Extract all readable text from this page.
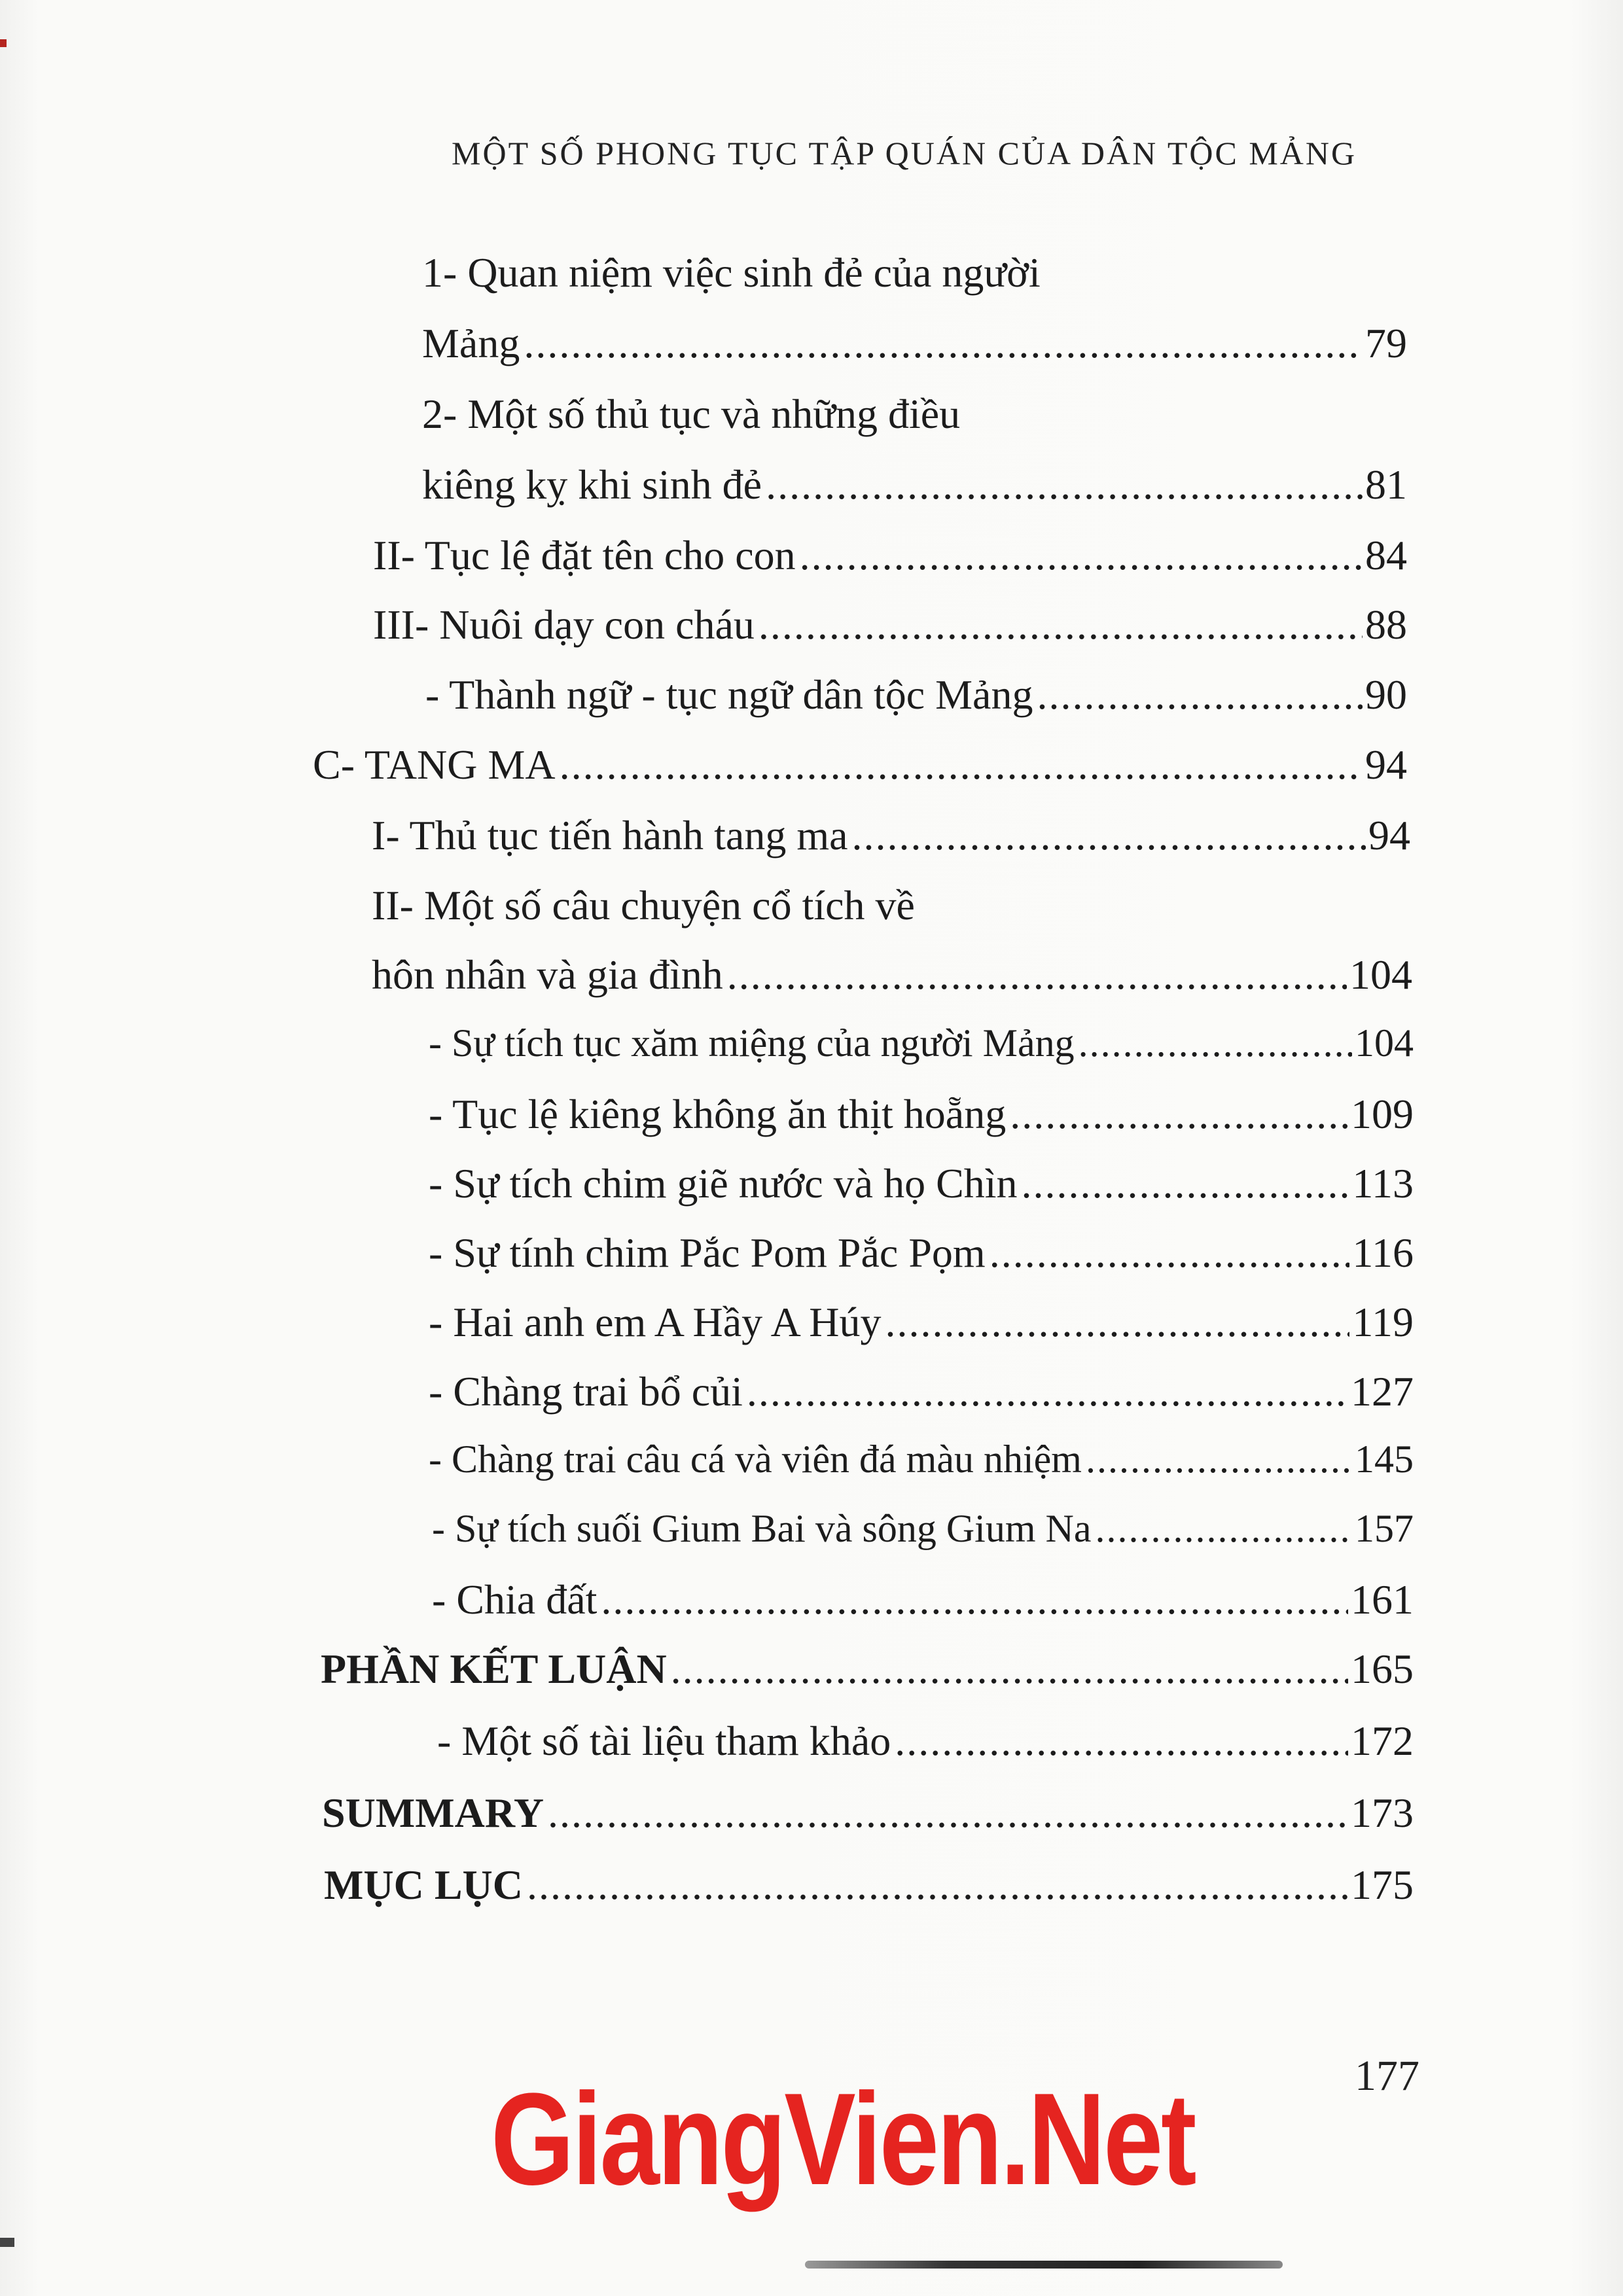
MỘT SỐ PHONG TỤC TẬP QUÁN CỦA DÂN TỘC MẢNG
1- Quan niệm việc sinh đẻ của người
Mảng .....	79
2- Một số thủ tục và những điều
kiêng kỵ khi sinh đẻ .....	81
II- Tục lệ đặt tên cho con .....	84
III- Nuôi dạy con cháu .....	88
- Thành ngữ - tục ngữ dân tộc Mảng .....	90
C- TANG MA .....	94
I- Thủ tục tiến hành tang ma .....	94
II- Một số câu chuyện cổ tích về
hôn nhân và gia đình .....	104
- Sự tích tục xăm miệng của người Mảng .....	104
- Tục lệ kiêng không ăn thịt hoẵng .....	109
- Sự tích chim giẽ nước và họ Chìn .....	113
- Sự tính chim Pắc Pom Pắc Pọm .....	116
- Hai anh em A Hầy A Húy .....	119
- Chàng trai bổ củi .....	127
- Chàng trai câu cá và viên đá màu nhiệm .....	145
- Sự tích suối Gium Bai và sông Gium Na .....	157
- Chia đất .....	161
PHẦN KẾT LUẬN .....	165
- Một số tài liệu tham khảo .....	172
SUMMARY .....	173
MỤC LỤC .....	175
177
GiangVien.Net
